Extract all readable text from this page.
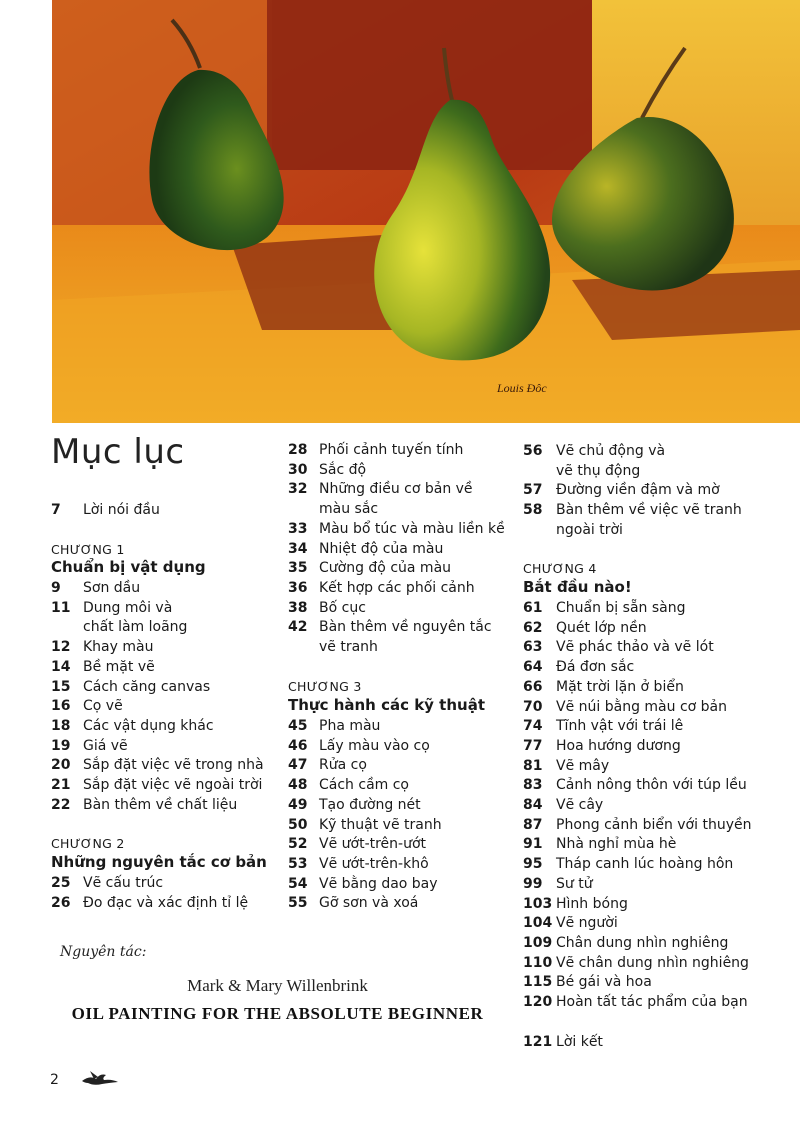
Louis Đôc
Mục lục
7 Lời nói đầu
CHƯƠNG 1
Chuẩn bị vật dụng
9 Sơn dầu
11 Dung môi và
chất làm loãng
12 Khay màu
14 Bề mặt vẽ
15 Cách căng canvas
16 Cọ vẽ
18 Các vật dụng khác
19 Giá vẽ
20 Sắp đặt việc vẽ trong nhà
21 Sắp đặt việc vẽ ngoài trời
22 Bàn thêm về chất liệu
CHƯƠNG 2
Những nguyên tắc cơ bản
25 Vẽ cấu trúc
26 Đo đạc và xác định tỉ lệ
28 Phối cảnh tuyến tính
30 Sắc độ
32 Những điều cơ bản về
màu sắc
33 Màu bổ túc và màu liền kề
34 Nhiệt độ của màu
35 Cường độ của màu
36 Kết hợp các phối cảnh
38 Bố cục
42 Bàn thêm về nguyên tắc
vẽ tranh
CHƯƠNG 3
Thực hành các kỹ thuật
45 Pha màu
46 Lấy màu vào cọ
47 Rửa cọ
48 Cách cầm cọ
49 Tạo đường nét
50 Kỹ thuật vẽ tranh
52 Vẽ ướt-trên-ướt
53 Vẽ ướt-trên-khô
54 Vẽ bằng dao bay
55 Gỡ sơn và xoá
56 Vẽ chủ động và
vẽ thụ động
57 Đường viền đậm và mờ
58 Bàn thêm về việc vẽ tranh
ngoài trời
CHƯƠNG 4
Bắt đầu nào!
61 Chuẩn bị sẵn sàng
62 Quét lớp nền
63 Vẽ phác thảo và vẽ lót
64 Đá đơn sắc
66 Mặt trời lặn ở biển
70 Vẽ núi bằng màu cơ bản
74 Tĩnh vật với trái lê
77 Hoa hướng dương
81 Vẽ mây
83 Cảnh nông thôn với túp lều
84 Vẽ cây
87 Phong cảnh biển với thuyền
91 Nhà nghỉ mùa hè
95 Tháp canh lúc hoàng hôn
99 Sư tử
103 Hình bóng
104 Vẽ người
109 Chân dung nhìn nghiêng
110 Vẽ chân dung nhìn nghiêng
115 Bé gái và hoa
120 Hoàn tất tác phẩm của bạn
121 Lời kết
Nguyên tác:
Mark & Mary Willenbrink
OIL PAINTING FOR THE ABSOLUTE BEGINNER
2
